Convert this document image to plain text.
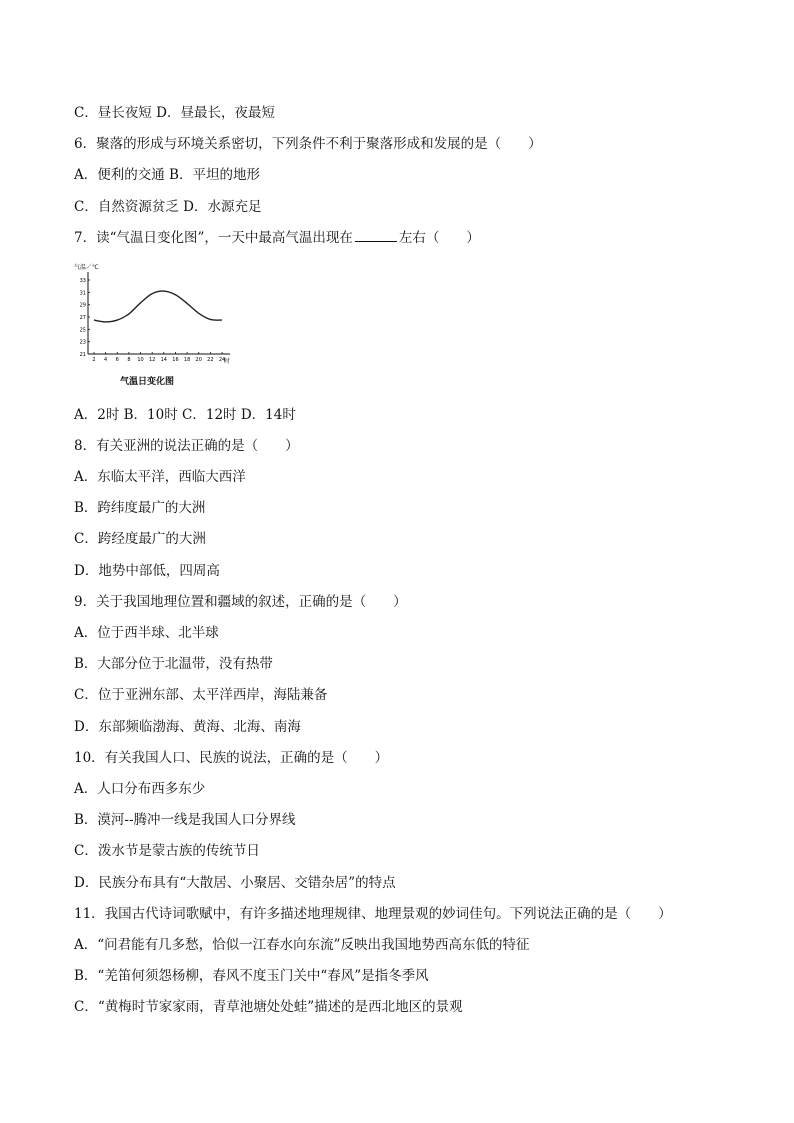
C．昼长夜短 D．昼最长，夜最短
6．聚落的形成与环境关系密切，下列条件不利于聚落形成和发展的是（　　）
A．便利的交通 B．平坦的地形
C．自然资源贫乏 D．水源充足
7．读“气温日变化图”，一天中最高气温出现在	左右（　　）
气温／℃
21
23
25
27
29
31
33
2 4 6 8 10 12 14 16 18 20 22 24
时
气温日变化图
A．2时 B．10时 C．12时 D．14时
8．有关亚洲的说法正确的是（　　）
A．东临太平洋，西临大西洋
B．跨纬度最广的大洲
C．跨经度最广的大洲
D．地势中部低，四周高
9．关于我国地理位置和疆域的叙述，正确的是（　　）
A．位于西半球、北半球
B．大部分位于北温带，没有热带
C．位于亚洲东部、太平洋西岸，海陆兼备
D．东部频临渤海、黄海、北海、南海
10．有关我国人口、民族的说法，正确的是（　　）
A．人口分布西多东少
B．漠河--腾冲一线是我国人口分界线
C．泼水节是蒙古族的传统节日
D．民族分布具有“大散居、小聚居、交错杂居”的特点
11．我国古代诗词歌赋中，有许多描述地理规律、地理景观的妙词佳句。下列说法正确的是（　　）
A．“问君能有几多愁，恰似一江春水向东流”反映出我国地势西高东低的特征
B．“羌笛何须怨杨柳，春风不度玉门关中“春风”是指冬季风
C．“黄梅时节家家雨，青草池塘处处蛙”描述的是西北地区的景观
